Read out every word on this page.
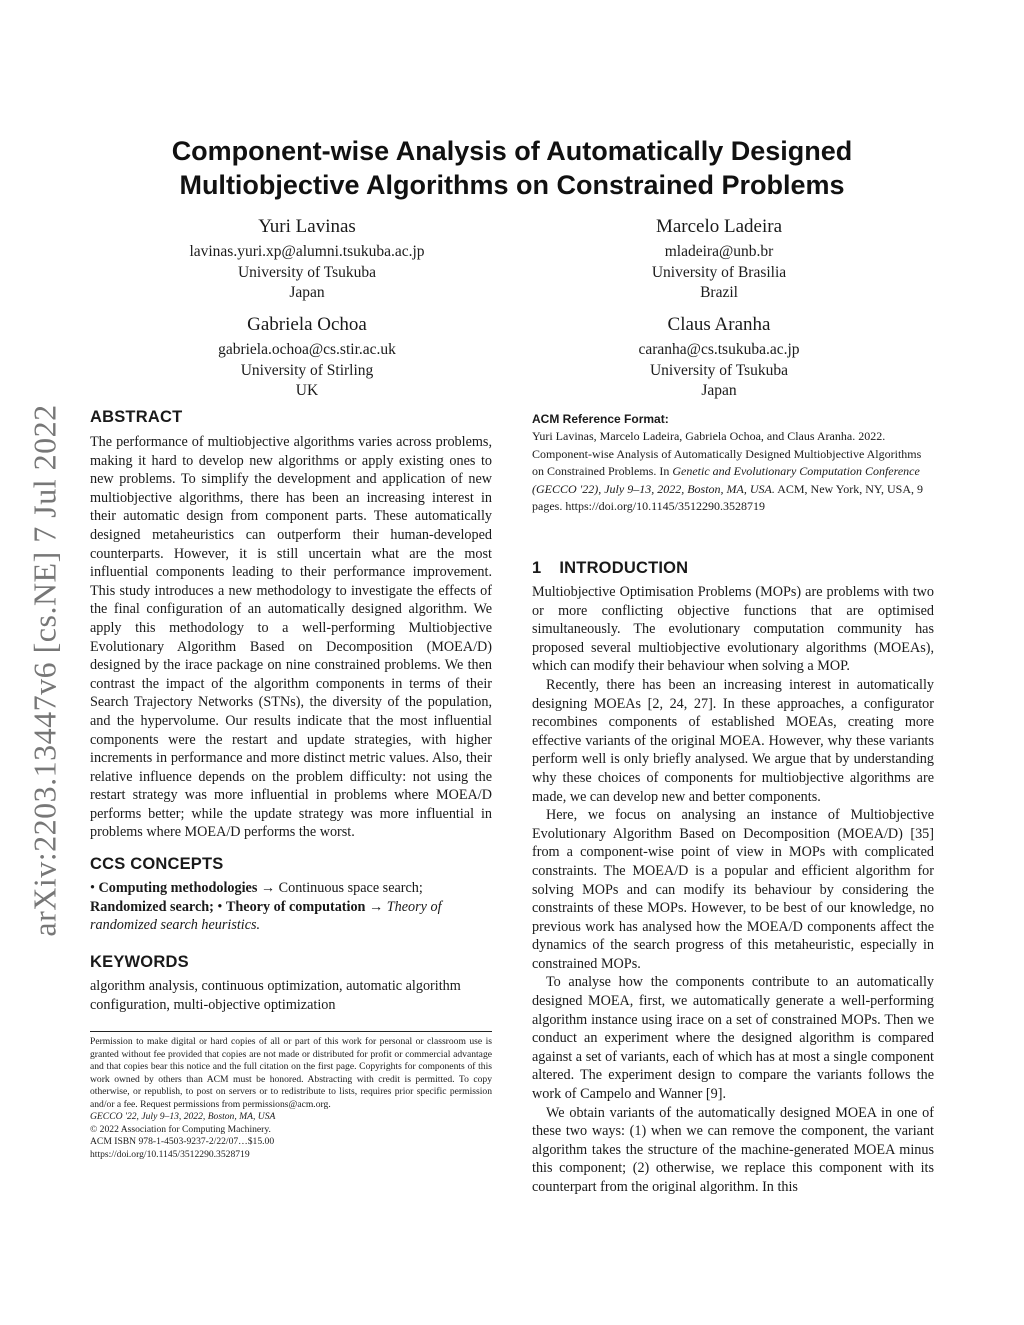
arXiv:2203.13447v6 [cs.NE] 7 Jul 2022
Component-wise Analysis of Automatically Designed
Multiobjective Algorithms on Constrained Problems
Yuri Lavinas
lavinas.yuri.xp@alumni.tsukuba.ac.jp
University of Tsukuba
Japan
Marcelo Ladeira
mladeira@unb.br
University of Brasilia
Brazil
Gabriela Ochoa
gabriela.ochoa@cs.stir.ac.uk
University of Stirling
UK
Claus Aranha
caranha@cs.tsukuba.ac.jp
University of Tsukuba
Japan
ABSTRACT

The performance of multiobjective algorithms varies across problems, making it hard to develop new algorithms or apply existing ones to new problems. To simplify the development and application of new multiobjective algorithms, there has been an increasing interest in their automatic design from component parts. These automatically designed metaheuristics can outperform their human-developed counterparts. However, it is still uncertain what are the most influential components leading to their performance improvement. This study introduces a new methodology to investigate the effects of the final configuration of an automatically designed algorithm. We apply this methodology to a well-performing Multiobjective Evolutionary Algorithm Based on Decomposition (MOEA/D) designed by the irace package on nine constrained problems. We then contrast the impact of the algorithm components in terms of their Search Trajectory Networks (STNs), the diversity of the population, and the hypervolume. Our results indicate that the most influential components were the restart and update strategies, with higher increments in performance and more distinct metric values. Also, their relative influence depends on the problem difficulty: not using the restart strategy was more influential in problems where MOEA/D performs better; while the update strategy was more influential in problems where MOEA/D performs the worst.

CCS CONCEPTS

• Computing methodologies → Continuous space search; Randomized search; • Theory of computation → Theory of randomized search heuristics.

KEYWORDS

algorithm analysis, continuous optimization, automatic algorithm configuration, multi-objective optimization

Permission to make digital or hard copies of all or part of this work for personal or classroom use is granted without fee provided that copies are not made or distributed for profit or commercial advantage and that copies bear this notice and the full citation on the first page. Copyrights for components of this work owned by others than ACM must be honored. Abstracting with credit is permitted. To copy otherwise, or republish, to post on servers or to redistribute to lists, requires prior specific permission and/or a fee. Request permissions from permissions@acm.org.
GECCO '22, July 9–13, 2022, Boston, MA, USA
© 2022 Association for Computing Machinery.
ACM ISBN 978-1-4503-9237-2/22/07…$15.00
https://doi.org/10.1145/3512290.3528719
ACM Reference Format:
Yuri Lavinas, Marcelo Ladeira, Gabriela Ochoa, and Claus Aranha. 2022. Component-wise Analysis of Automatically Designed Multiobjective Algorithms on Constrained Problems. In Genetic and Evolutionary Computation Conference (GECCO '22), July 9–13, 2022, Boston, MA, USA. ACM, New York, NY, USA, 9 pages. https://doi.org/10.1145/3512290.3528719
1 INTRODUCTION

Multiobjective Optimisation Problems (MOPs) are problems with two or more conflicting objective functions that are optimised simultaneously. The evolutionary computation community has proposed several multiobjective evolutionary algorithms (MOEAs), which can modify their behaviour when solving a MOP.

Recently, there has been an increasing interest in automatically designing MOEAs [2, 24, 27]. In these approaches, a configurator recombines components of established MOEAs, creating more effective variants of the original MOEA. However, why these variants perform well is only briefly analysed. We argue that by understanding why these choices of components for multiobjective algorithms are made, we can develop new and better components.

Here, we focus on analysing an instance of Multiobjective Evolutionary Algorithm Based on Decomposition (MOEA/D) [35] from a component-wise point of view in MOPs with complicated constraints. The MOEA/D is a popular and efficient algorithm for solving MOPs and can modify its behaviour by considering the constraints of these MOPs. However, to be best of our knowledge, no previous work has analysed how the MOEA/D components affect the dynamics of the search progress of this metaheuristic, especially in constrained MOPs.

To analyse how the components contribute to an automatically designed MOEA, first, we automatically generate a well-performing algorithm instance using irace on a set of constrained MOPs. Then we conduct an experiment where the designed algorithm is compared against a set of variants, each of which has at most a single component altered. The experiment design to compare the variants follows the work of Campelo and Wanner [9].

We obtain variants of the automatically designed MOEA in one of these two ways: (1) when we can remove the component, the variant algorithm takes the structure of the machine-generated MOEA minus this component; (2) otherwise, we replace this component with its counterpart from the original algorithm. In this
